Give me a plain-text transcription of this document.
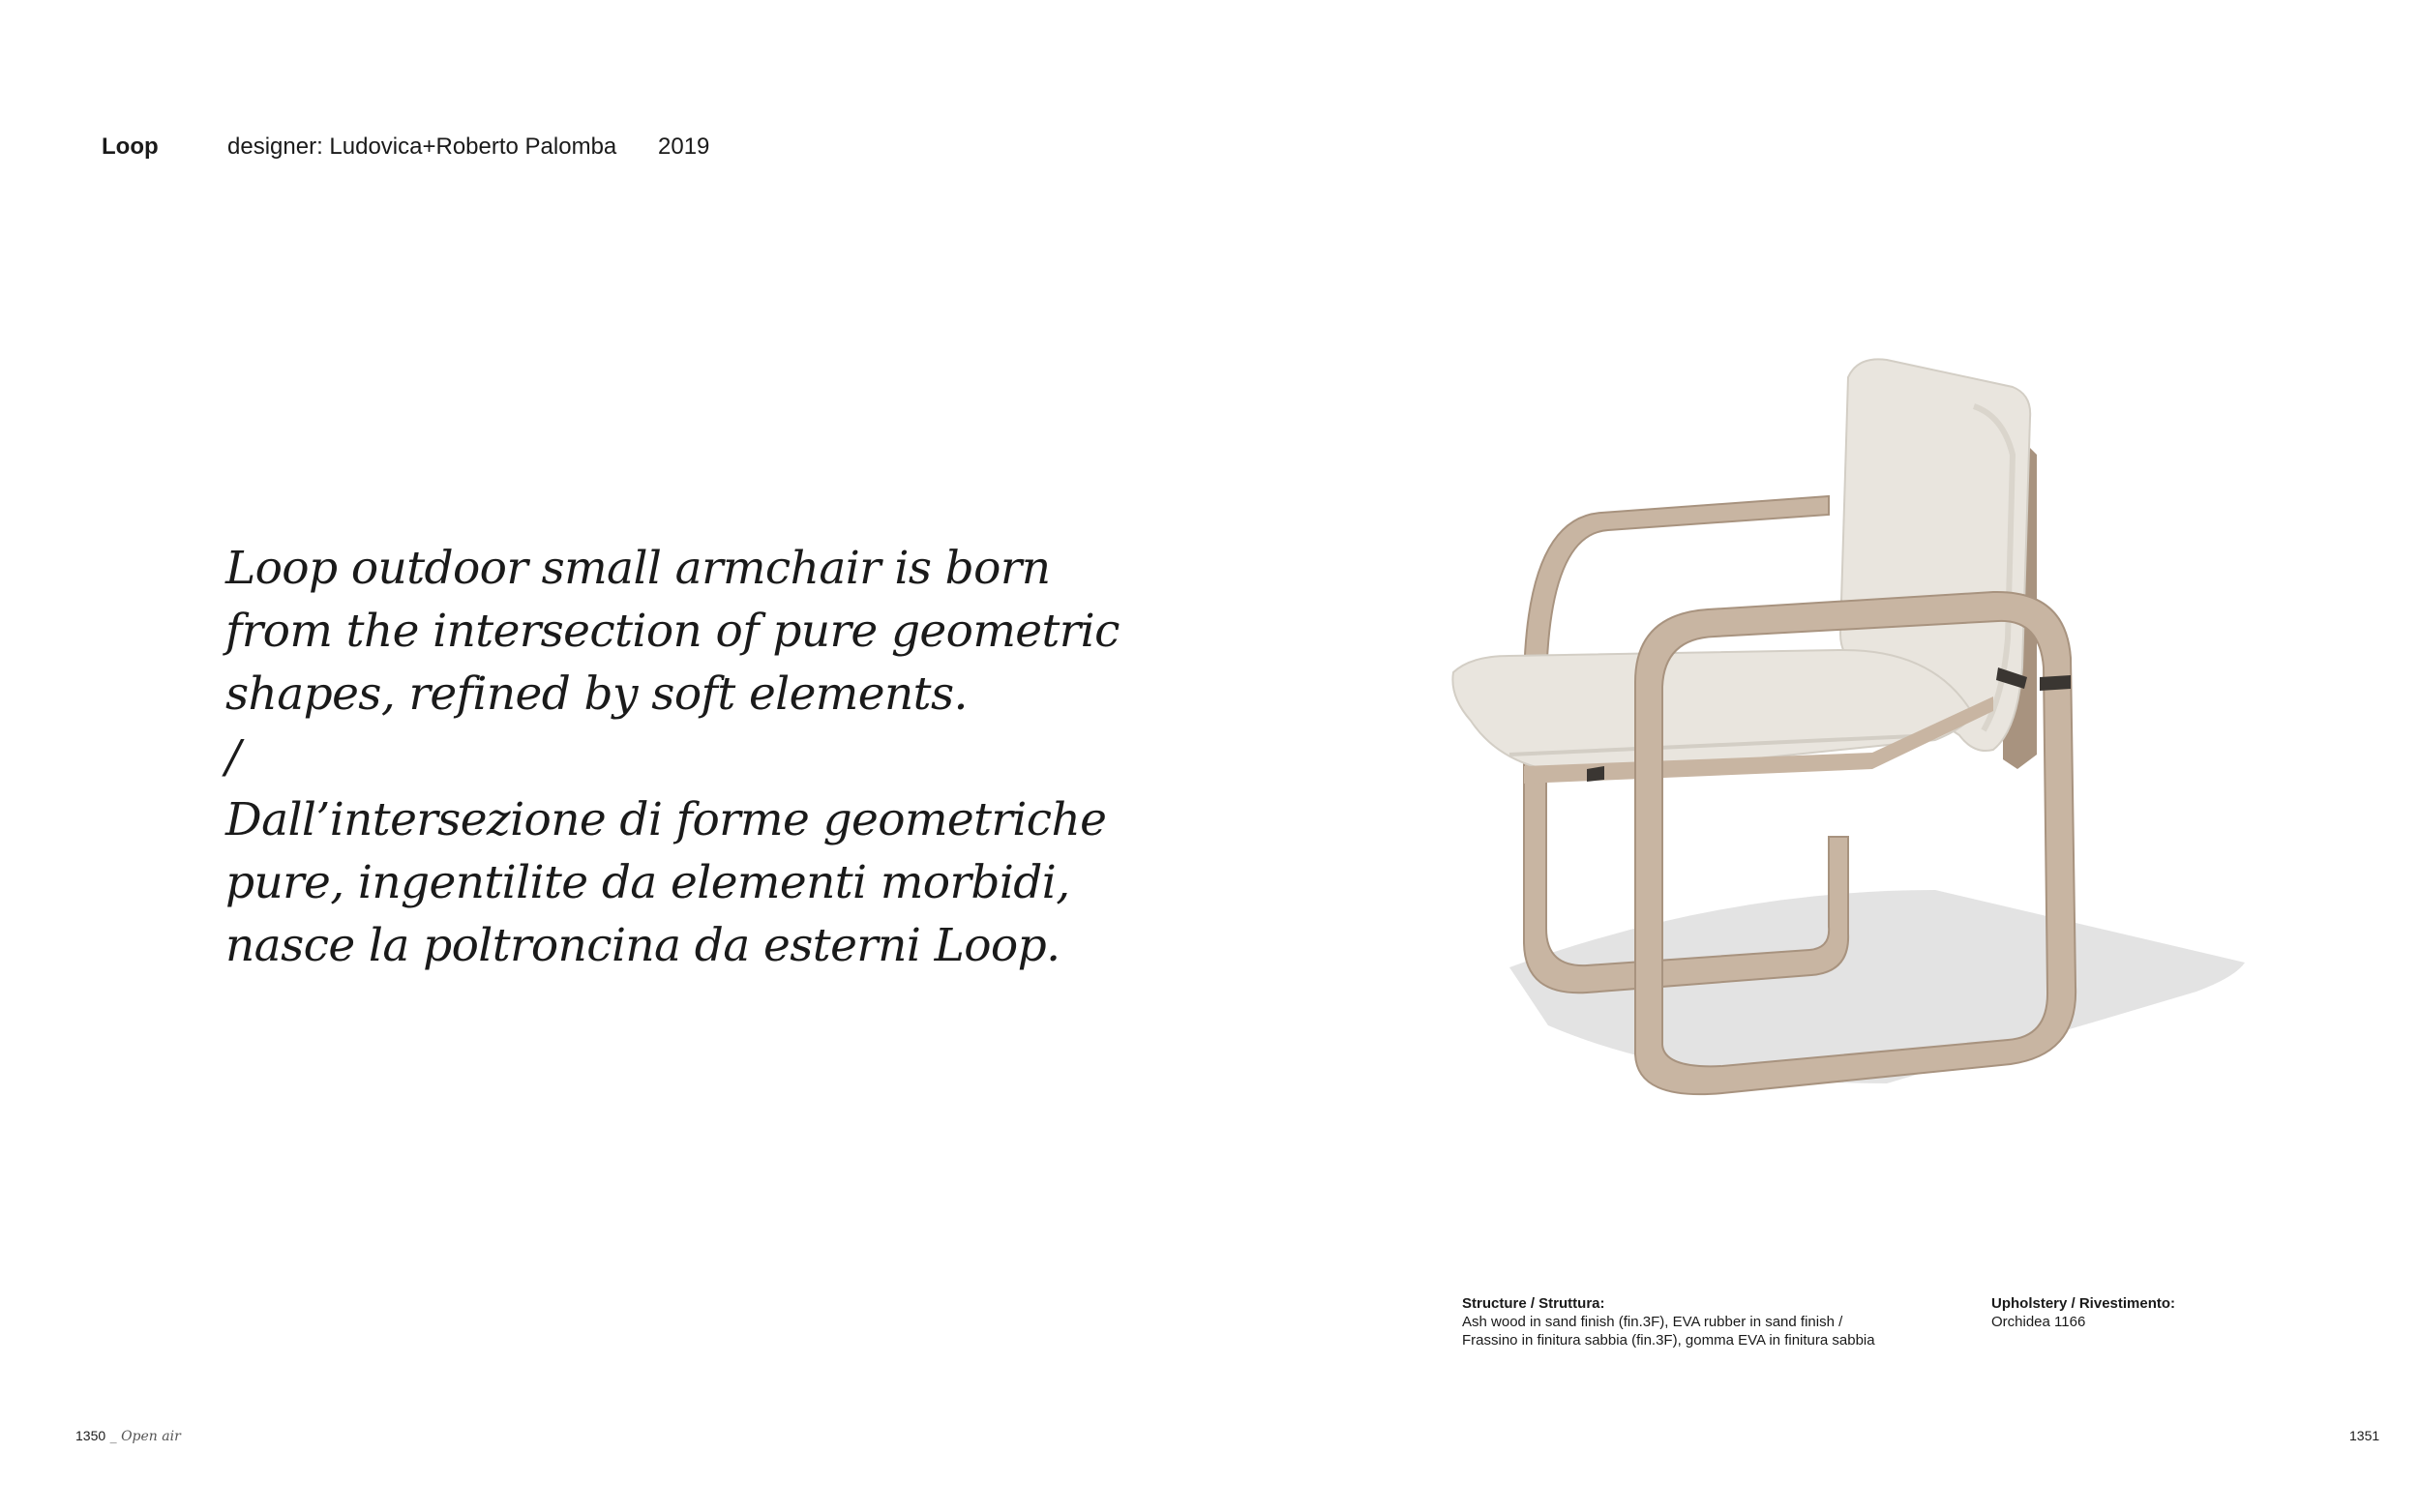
Loop	designer: Ludovica+Roberto Palomba 2019
Loop outdoor small armchair is born
from the intersection of pure geometric
shapes, refined by soft elements.
/
Dall’intersezione di forme geometriche
pure, ingentilite da elementi morbidi,
nasce la poltroncina da esterni Loop.
Structure / Struttura:
Ash wood in sand finish (fin.3F), EVA rubber in sand finish /
Frassino in finitura sabbia (fin.3F), gomma EVA in finitura sabbia
Upholstery / Rivestimento:
Orchidea 1166
1350 _ Open air	1351
